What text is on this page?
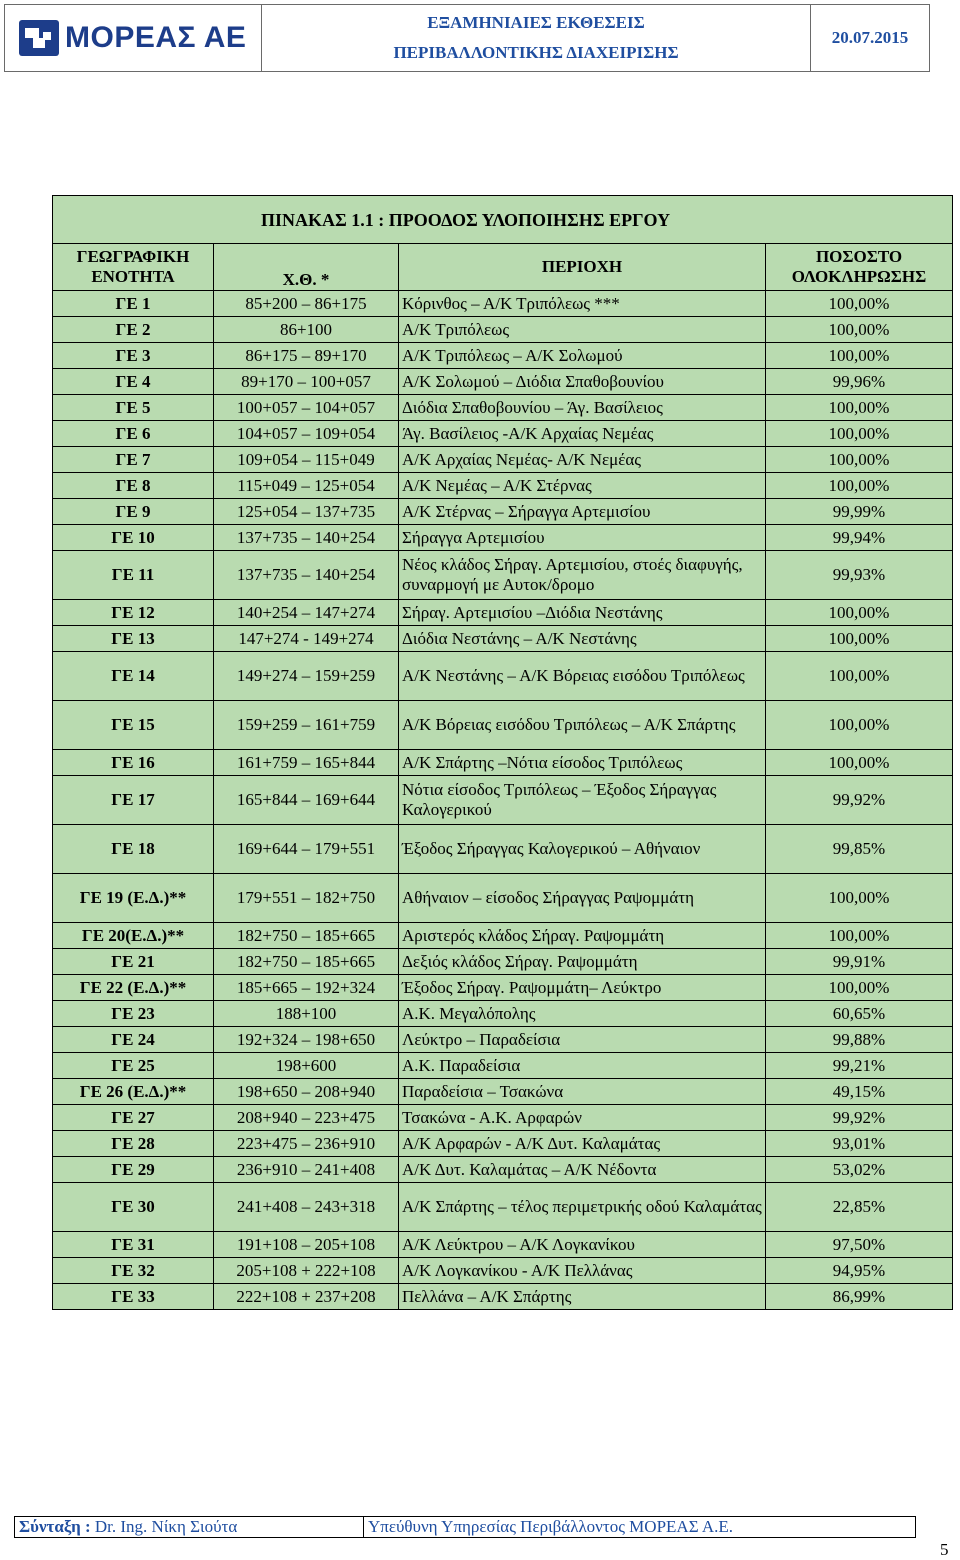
ΜΟΡΕΑΣ ΑΕ	ΕΞΑΜΗΝΙΑΙΕΣ ΕΚΘΕΣΕΙΣ
ΠΕΡΙΒΑΛΛΟΝΤΙΚΗΣ ΔΙΑΧΕΙΡΙΣΗΣ
	20.07.2015
ΠΙΝΑΚΑΣ 1.1 : ΠΡΟΟΔΟΣ ΥΛΟΠΟΙΗΣΗΣ ΕΡΓΟΥ			
ΓΕΩΓΡΑΦΙΚΗ ΕΝΟΤΗΤΑ	Χ.Θ. *	ΠΕΡΙΟΧΗ	ΠΟΣΟΣΤΟ ΟΛΟΚΛΗΡΩΣΗΣ
ΓΕ 1	85+200 – 86+175	Κόρινθος – Α/Κ Τριπόλεως ***	100,00%
ΓΕ 2	86+100	Α/Κ Τριπόλεως	100,00%
ΓΕ 3	86+175 – 89+170	Α/Κ Τριπόλεως – Α/Κ Σολωμού	100,00%
ΓΕ 4	89+170 – 100+057	Α/Κ Σολωμού – Διόδια Σπαθοβουνίου	99,96%
ΓΕ 5	100+057 – 104+057	Διόδια Σπαθοβουνίου – Άγ. Βασίλειος	100,00%
ΓΕ 6	104+057 – 109+054	Άγ. Βασίλειος -Α/Κ Αρχαίας Νεμέας	100,00%
ΓΕ 7	109+054 – 115+049	Α/Κ Αρχαίας Νεμέας- Α/Κ Νεμέας	100,00%
ΓΕ 8	115+049 – 125+054	Α/Κ Νεμέας – Α/Κ Στέρνας	100,00%
ΓΕ 9	125+054 – 137+735	Α/Κ Στέρνας – Σήραγγα Αρτεμισίου	99,99%
ΓΕ 10	137+735 – 140+254	Σήραγγα Αρτεμισίου	99,94%
ΓΕ 11	137+735 – 140+254	Νέος κλάδος Σήραγ. Αρτεμισίου, στοές διαφυγής, συναρμογή με Αυτοκ/δρομο	99,93%
ΓΕ 12	140+254 – 147+274	Σήραγ. Αρτεμισίου –Διόδια Νεστάνης	100,00%
ΓΕ 13	147+274 - 149+274	Διόδια Νεστάνης – Α/Κ Νεστάνης	100,00%
ΓΕ 14	149+274 – 159+259	Α/Κ Νεστάνης – Α/Κ Βόρειας εισόδου Τριπόλεως	100,00%
ΓΕ 15	159+259 – 161+759	Α/Κ Βόρειας εισόδου Τριπόλεως – Α/Κ Σπάρτης	100,00%
ΓΕ 16	161+759 – 165+844	Α/Κ Σπάρτης –Νότια είσοδος Τριπόλεως	100,00%
ΓΕ 17	165+844 – 169+644	Νότια είσοδος Τριπόλεως – Έξοδος Σήραγγας Καλογερικού	99,92%
ΓΕ 18	169+644 – 179+551	Έξοδος Σήραγγας Καλογερικού – Αθήναιον	99,85%
ΓΕ 19 (Ε.Δ.)**	179+551 – 182+750	Αθήναιον – είσοδος Σήραγγας Ραψομμάτη	100,00%
ΓΕ 20(Ε.Δ.)**	182+750 – 185+665	Αριστερός κλάδος Σήραγ. Ραψομμάτη	100,00%
ΓΕ 21	182+750 – 185+665	Δεξιός κλάδος Σήραγ. Ραψομμάτη	99,91%
ΓΕ 22 (Ε.Δ.)**	185+665 – 192+324	Έξοδος Σήραγ. Ραψομμάτη– Λεύκτρο	100,00%
ΓΕ 23	188+100	Α.Κ. Μεγαλόπολης	60,65%
ΓΕ 24	192+324 – 198+650	Λεύκτρο – Παραδείσια	99,88%
ΓΕ 25	198+600	Α.Κ. Παραδείσια	99,21%
ΓΕ 26 (Ε.Δ.)**	198+650 – 208+940	Παραδείσια – Τσακώνα	49,15%
ΓΕ 27	208+940 – 223+475	Τσακώνα - Α.Κ. Αρφαρών	99,92%
ΓΕ 28	223+475 – 236+910	Α/Κ Αρφαρών - Α/Κ Δυτ. Καλαμάτας	93,01%
ΓΕ 29	236+910 – 241+408	Α/Κ Δυτ. Καλαμάτας – Α/Κ Νέδοντα	53,02%
ΓΕ 30	241+408 – 243+318	Α/Κ Σπάρτης – τέλος περιμετρικής οδού Καλαμάτας	22,85%
ΓΕ 31	191+108 – 205+108	Α/Κ Λεύκτρου – Α/Κ Λογκανίκου	97,50%
ΓΕ 32	205+108 + 222+108	Α/Κ Λογκανίκου - Α/Κ Πελλάνας	94,95%
ΓΕ 33	222+108 + 237+208	Πελλάνα – Α/Κ Σπάρτης	86,99%
Σύνταξη : Dr. Ing. Νίκη Σιούτα	Υπεύθυνη Υπηρεσίας Περιβάλλοντος ΜΟΡΕΑΣ Α.Ε.
5
